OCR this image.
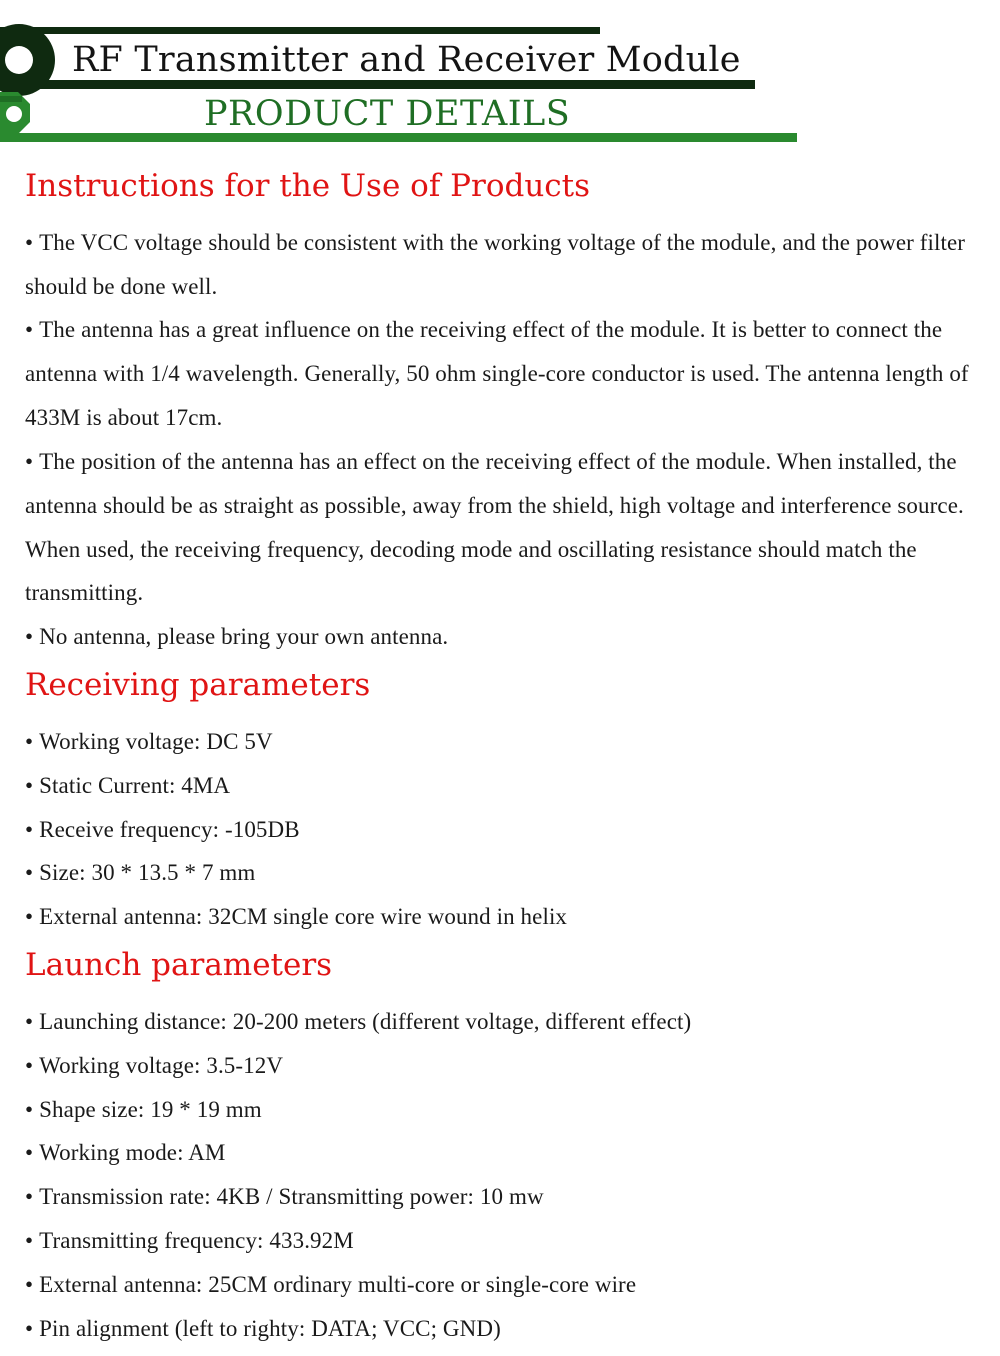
RF Transmitter and Receiver Module
PRODUCT DETAILS
Instructions for the Use of Products

• The VCC voltage should be consistent with the working voltage of the module, and the power filter should be done well.

• The antenna has a great influence on the receiving effect of the module. It is better to connect the antenna with 1/4 wavelength. Generally, 50 ohm single-core conductor is used. The antenna length of 433M is about 17cm.

• The position of the antenna has an effect on the receiving effect of the module. When installed, the antenna should be as straight as possible, away from the shield, high voltage and interference source. When used, the receiving frequency, decoding mode and oscillating resistance should match the transmitting.

• No antenna, please bring your own antenna.

Receiving parameters
• Working voltage: DC 5V
• Static Current: 4MA
• Receive frequency: -105DB
• Size: 30 * 13.5 * 7 mm
• External antenna: 32CM single core wire wound in helix
Launch parameters
• Launching distance: 20-200 meters (different voltage, different effect)
• Working voltage: 3.5-12V
• Shape size: 19 * 19 mm
• Working mode: AM
• Transmission rate: 4KB / Stransmitting power: 10 mw
• Transmitting frequency: 433.92M
• External antenna: 25CM ordinary multi-core or single-core wire
• Pin alignment (left to righty: DATA; VCC; GND)
